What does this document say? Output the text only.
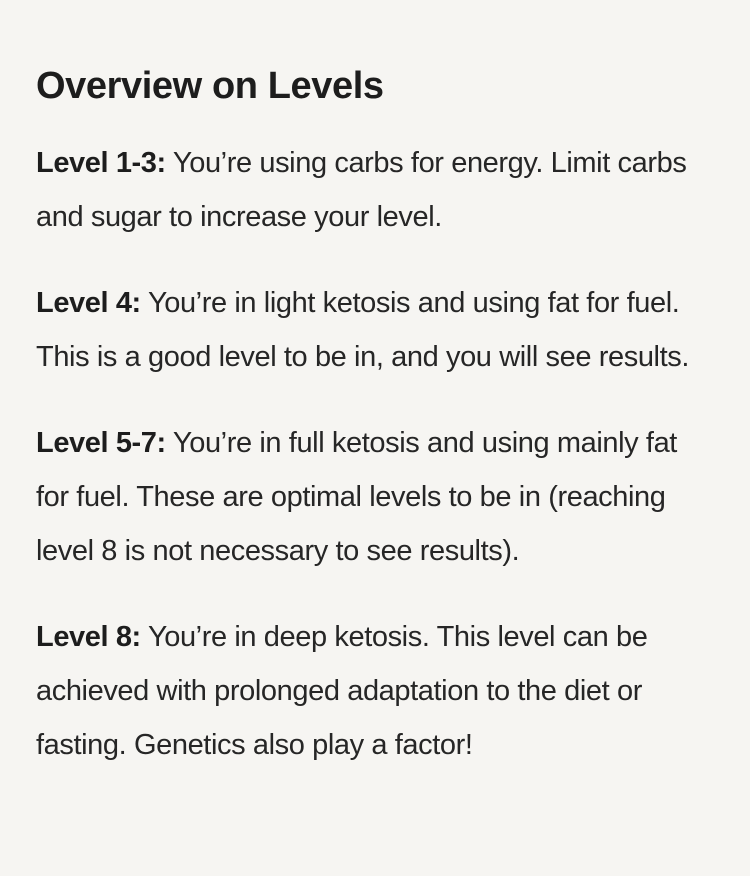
Overview on Levels
Level 1-3: You’re using carbs for energy. Limit carbs and sugar to increase your level.
Level 4: You’re in light ketosis and using fat for fuel. This is a good level to be in, and you will see results.
Level 5-7: You’re in full ketosis and using mainly fat for fuel. These are optimal levels to be in (reaching level 8 is not necessary to see results).
Level 8: You’re in deep ketosis. This level can be achieved with prolonged adaptation to the diet or fasting. Genetics also play a factor!
